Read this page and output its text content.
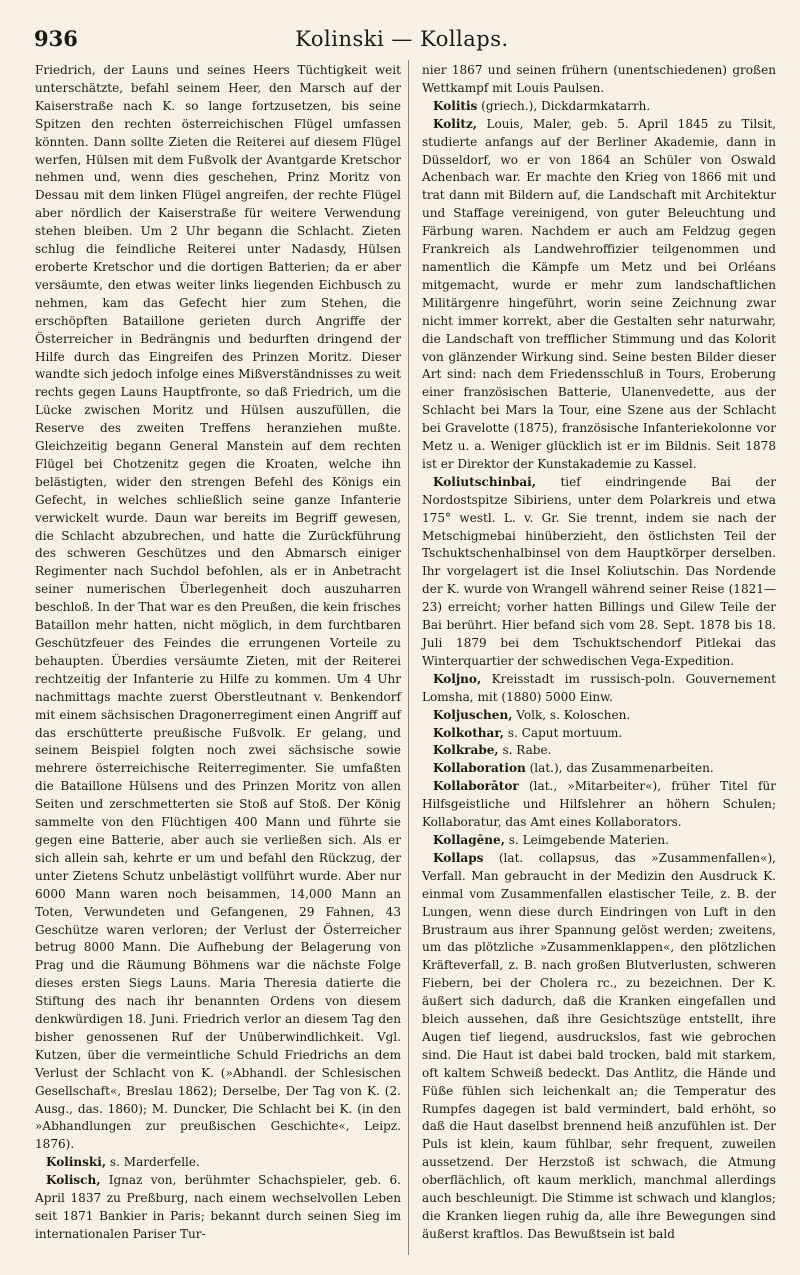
936	Kolinski — Kollaps.

Friedrich, der Launs und seines Heers Tüchtigkeit weit unterschätzte, befahl seinem Heer, den Marsch auf der Kaiserstraße nach K. so lange fortzusetzen, bis seine Spitzen den rechten österreichischen Flügel umfassen könnten. Dann sollte Zieten die Reiterei auf diesem Flügel werfen, Hülsen mit dem Fußvolk der Avantgarde Kretschor nehmen und, wenn dies geschehen, Prinz Moritz von Dessau mit dem linken Flügel angreifen, der rechte Flügel aber nördlich der Kaiserstraße für weitere Verwendung stehen bleiben. Um 2 Uhr begann die Schlacht. Zieten schlug die feindliche Reiterei unter Nadasdy, Hülsen eroberte Kretschor und die dortigen Batterien; da er aber versäumte, den etwas weiter links liegenden Eichbusch zu nehmen, kam das Gefecht hier zum Stehen, die erschöpften Bataillone gerieten durch Angriffe der Österreicher in Bedrängnis und bedurften dringend der Hilfe durch das Eingreifen des Prinzen Moritz. Dieser wandte sich jedoch infolge eines Mißverständnisses zu weit rechts gegen Launs Hauptfronte, so daß Friedrich, um die Lücke zwischen Moritz und Hülsen auszufüllen, die Reserve des zweiten Treffens heranziehen mußte. Gleichzeitig begann General Manstein auf dem rechten Flügel bei Chotzenitz gegen die Kroaten, welche ihn belästigten, wider den strengen Befehl des Königs ein Gefecht, in welches schließlich seine ganze Infanterie verwickelt wurde. Daun war bereits im Begriff gewesen, die Schlacht abzubrechen, und hatte die Zurückführung des schweren Geschützes und den Abmarsch einiger Regimenter nach Suchdol befohlen, als er in Anbetracht seiner numerischen Überlegenheit doch auszuharren beschloß. In der That war es den Preußen, die kein frisches Bataillon mehr hatten, nicht möglich, in dem furchtbaren Geschützfeuer des Feindes die errungenen Vorteile zu behaupten. Überdies versäumte Zieten, mit der Reiterei rechtzeitig der Infanterie zu Hilfe zu kommen. Um 4 Uhr nachmittags machte zuerst Oberstleutnant v. Benkendorf mit einem sächsischen Dragonerregiment einen Angriff auf das erschütterte preußische Fußvolk. Er gelang, und seinem Beispiel folgten noch zwei sächsische sowie mehrere österreichische Reiterregimenter. Sie umfaßten die Bataillone Hülsens und des Prinzen Moritz von allen Seiten und zerschmetterten sie Stoß auf Stoß. Der König sammelte von den Flüchtigen 400 Mann und führte sie gegen eine Batterie, aber auch sie verließen sich. Als er sich allein sah, kehrte er um und befahl den Rückzug, der unter Zietens Schutz unbelästigt vollführt wurde. Aber nur 6000 Mann waren noch beisammen, 14,000 Mann an Toten, Verwundeten und Gefangenen, 29 Fahnen, 43 Geschütze waren verloren; der Verlust der Österreicher betrug 8000 Mann. Die Aufhebung der Belagerung von Prag und die Räumung Böhmens war die nächste Folge dieses ersten Siegs Launs. Maria Theresia datierte die Stiftung des nach ihr benannten Ordens von diesem denkwürdigen 18. Juni. Friedrich verlor an diesem Tag den bisher genossenen Ruf der Unüberwindlichkeit. Vgl. Kutzen, über die vermeintliche Schuld Friedrichs an dem Verlust der Schlacht von K. (»Abhandl. der Schlesischen Gesellschaft«, Breslau 1862); Derselbe, Der Tag von K. (2. Ausg., das. 1860); M. Duncker, Die Schlacht bei K. (in den »Abhandlungen zur preußischen Geschichte«, Leipz. 1876).

Kolinski, s. Marderfelle.

Kolisch, Ignaz von, berühmter Schachspieler, geb. 6. April 1837 zu Preßburg, nach einem wechselvollen Leben seit 1871 Bankier in Paris; bekannt durch seinen Sieg im internationalen Pariser Tur-

nier 1867 und seinen frühern (unentschiedenen) großen Wettkampf mit Louis Paulsen.

Kolitis (griech.), Dickdarmkatarrh.

Kolitz, Louis, Maler, geb. 5. April 1845 zu Tilsit, studierte anfangs auf der Berliner Akademie, dann in Düsseldorf, wo er von 1864 an Schüler von Oswald Achenbach war. Er machte den Krieg von 1866 mit und trat dann mit Bildern auf, die Landschaft mit Architektur und Staffage vereinigend, von guter Beleuchtung und Färbung waren. Nachdem er auch am Feldzug gegen Frankreich als Landwehroffizier teilgenommen und namentlich die Kämpfe um Metz und bei Orléans mitgemacht, wurde er mehr zum landschaftlichen Militärgenre hingeführt, worin seine Zeichnung zwar nicht immer korrekt, aber die Gestalten sehr naturwahr, die Landschaft von trefflicher Stimmung und das Kolorit von glänzender Wirkung sind. Seine besten Bilder dieser Art sind: nach dem Friedensschluß in Tours, Eroberung einer französischen Batterie, Ulanenvedette, aus der Schlacht bei Mars la Tour, eine Szene aus der Schlacht bei Gravelotte (1875), französische Infanteriekolonne vor Metz u. a. Weniger glücklich ist er im Bildnis. Seit 1878 ist er Direktor der Kunstakademie zu Kassel.

Koliutschinbai, tief eindringende Bai der Nordostspitze Sibiriens, unter dem Polarkreis und etwa 175° westl. L. v. Gr. Sie trennt, indem sie nach der Metschigmebai hinüberzieht, den östlichsten Teil der Tschuktschenhalbinsel von dem Hauptkörper derselben. Ihr vorgelagert ist die Insel Koliutschin. Das Nordende der K. wurde von Wrangell während seiner Reise (1821—23) erreicht; vorher hatten Billings und Gilew Teile der Bai berührt. Hier befand sich vom 28. Sept. 1878 bis 18. Juli 1879 bei dem Tschuktschendorf Pitlekai das Winterquartier der schwedischen Vega-Expedition.

Koljno, Kreisstadt im russisch-poln. Gouvernement Lomsha, mit (1880) 5000 Einw.

Koljuschen, Volk, s. Koloschen.

Kolkothar, s. Caput mortuum.

Kolkrabe, s. Rabe.

Kollaboration (lat.), das Zusammenarbeiten.

Kollaborātor (lat., »Mitarbeiter«), früher Titel für Hilfsgeistliche und Hilfslehrer an höhern Schulen; Kollaboratur, das Amt eines Kollaborators.

Kollagēne, s. Leimgebende Materien.

Kollaps (lat. collapsus, das »Zusammenfallen«), Verfall. Man gebraucht in der Medizin den Ausdruck K. einmal vom Zusammenfallen elastischer Teile, z. B. der Lungen, wenn diese durch Eindringen von Luft in den Brustraum aus ihrer Spannung gelöst werden; zweitens, um das plötzliche »Zusammenklappen«, den plötzlichen Kräfteverfall, z. B. nach großen Blutverlusten, schweren Fiebern, bei der Cholera rc., zu bezeichnen. Der K. äußert sich dadurch, daß die Kranken eingefallen und bleich aussehen, daß ihre Gesichtszüge entstellt, ihre Augen tief liegend, ausdruckslos, fast wie gebrochen sind. Die Haut ist dabei bald trocken, bald mit starkem, oft kaltem Schweiß bedeckt. Das Antlitz, die Hände und Füße fühlen sich leichenkalt an; die Temperatur des Rumpfes dagegen ist bald vermindert, bald erhöht, so daß die Haut daselbst brennend heiß anzufühlen ist. Der Puls ist klein, kaum fühlbar, sehr frequent, zuweilen aussetzend. Der Herzstoß ist schwach, die Atmung oberflächlich, oft kaum merklich, manchmal allerdings auch beschleunigt. Die Stimme ist schwach und klanglos; die Kranken liegen ruhig da, alle ihre Bewegungen sind äußerst kraftlos. Das Bewußtsein ist bald
